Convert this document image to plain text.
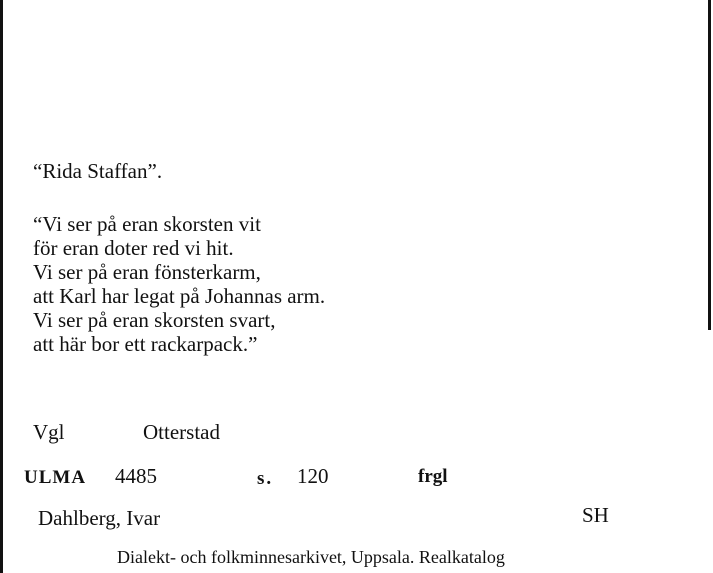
“Rida Staffan”.
“Vi ser på eran skorsten vit
för eran doter red vi hit.
Vi ser på eran fönsterkarm,
att Karl har legat på Johannas arm.
Vi ser på eran skorsten svart,
att här bor ett rackarpack.”
Vgl	Otterstad
ULMA 4485	s. 120	frgl
Dahlberg, Ivar	SH
Dialekt- och folkminnesarkivet, Uppsala. Realkatalog
